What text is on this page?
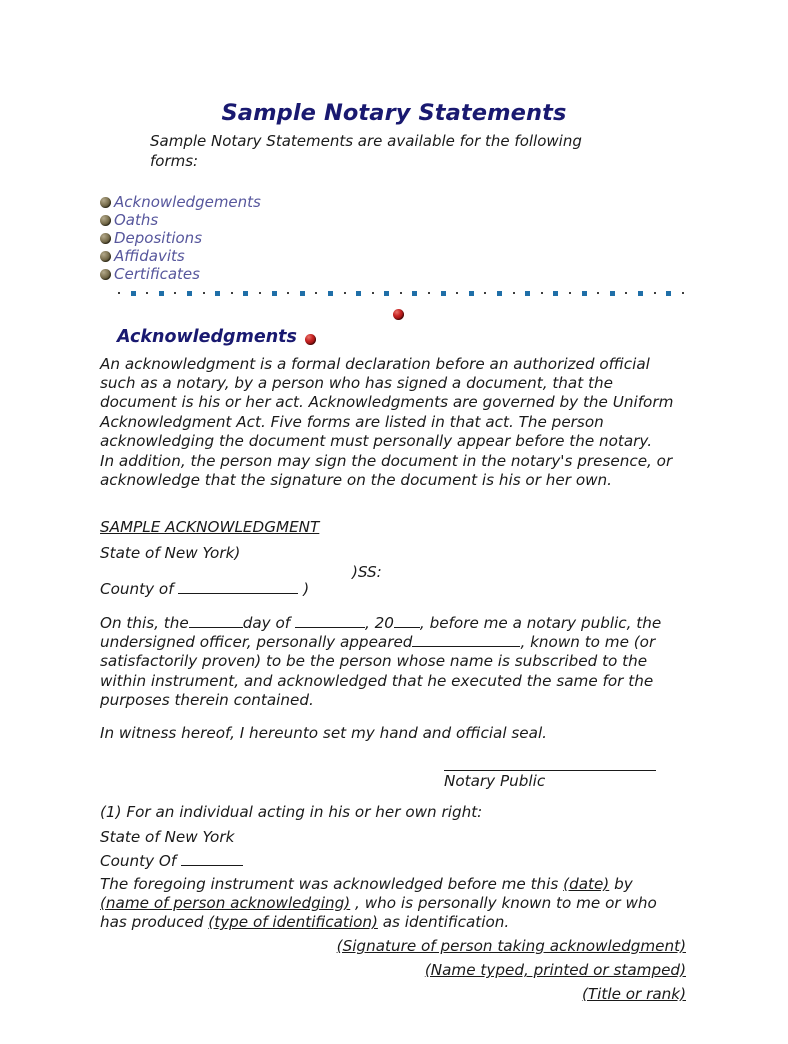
Sample Notary Statements
Sample Notary Statements are available for the following forms:
Acknowledgements
Oaths
Depositions
Affidavits
Certificates
Acknowledgments
An acknowledgment is a formal declaration before an authorized official such as a notary, by a person who has signed a document, that the document is his or her act. Acknowledgments are governed by the Uniform Acknowledgment Act. Five forms are listed in that act. The person acknowledging the document must personally appear before the notary.
In addition, the person may sign the document in the notary's presence, or acknowledge that the signature on the document is his or her own.
SAMPLE ACKNOWLEDGMENT
State of New York)
)SS:
County of	)
On this, the	day of	, 20 , before me a notary public, the undersigned officer, personally appeared	, known to me (or satisfactorily proven) to be the person whose name is subscribed to the within instrument, and acknowledged that he executed the same for the purposes therein contained.
In witness hereof, I hereunto set my hand and official seal.
Notary Public
(1) For an individual acting in his or her own right:
State of New York
County Of
The foregoing instrument was acknowledged before me this (date) by (name of person acknowledging) , who is personally known to me or who has produced (type of identification) as identification.
(Signature of person taking acknowledgment)
(Name typed, printed or stamped)
(Title or rank)
